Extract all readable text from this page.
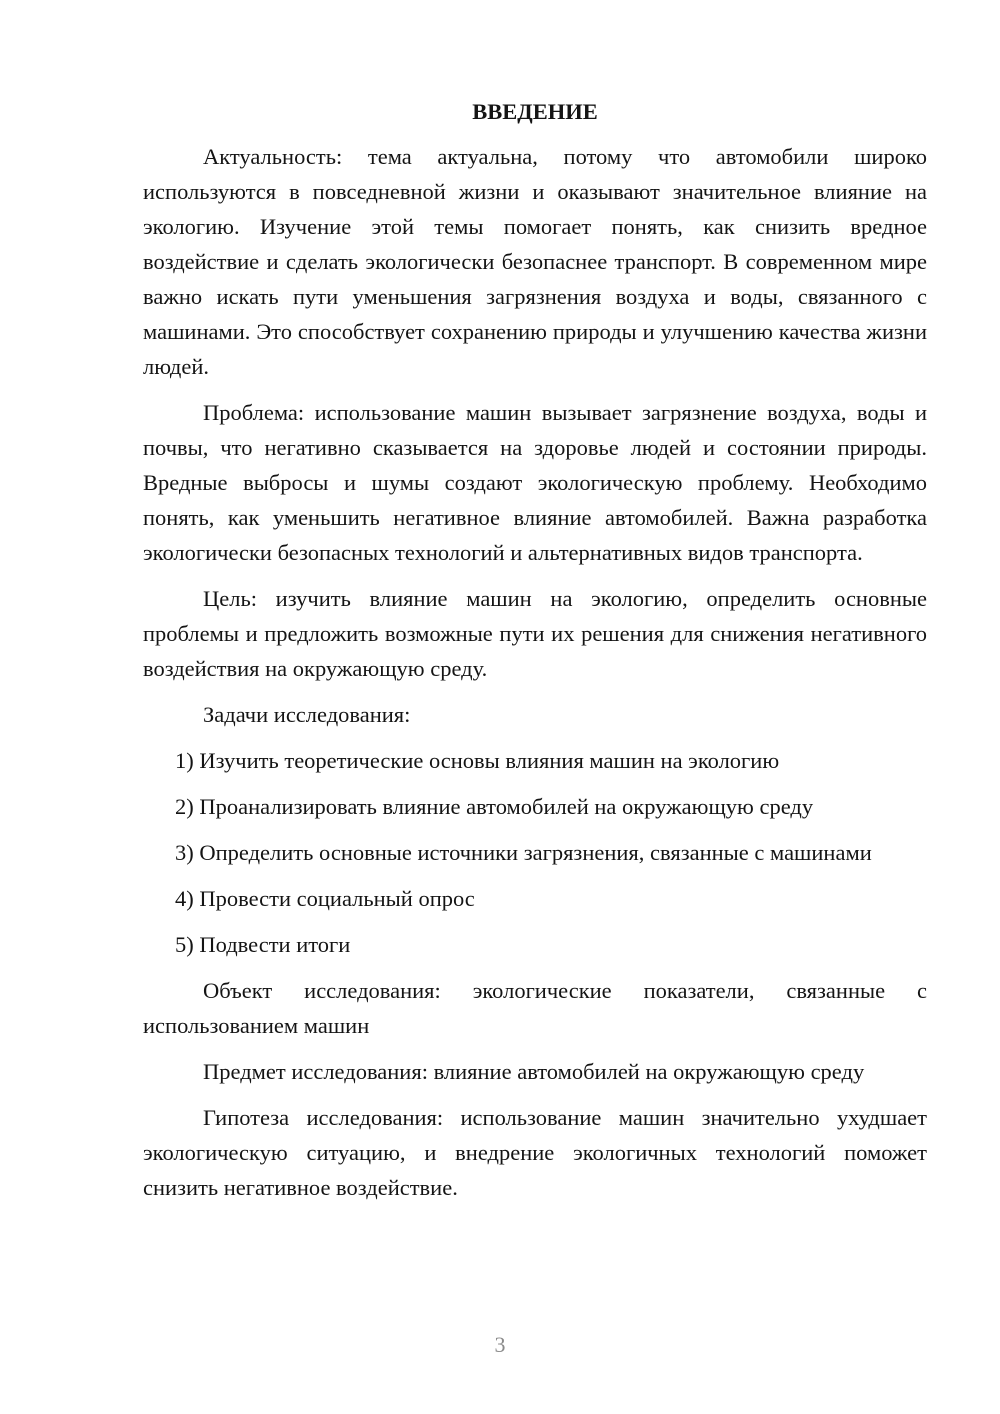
ВВЕДЕНИЕ

Актуальность: тема актуальна, потому что автомобили широко используются в повседневной жизни и оказывают значительное влияние на экологию. Изучение этой темы помогает понять, как снизить вредное воздействие и сделать экологически безопаснее транспорт. В современном мире важно искать пути уменьшения загрязнения воздуха и воды, связанного с машинами. Это способствует сохранению природы и улучшению качества жизни людей.

Проблема: использование машин вызывает загрязнение воздуха, воды и почвы, что негативно сказывается на здоровье людей и состоянии природы. Вредные выбросы и шумы создают экологическую проблему. Необходимо понять, как уменьшить негативное влияние автомобилей. Важна разработка экологически безопасных технологий и альтернативных видов транспорта.

Цель: изучить влияние машин на экологию, определить основные проблемы и предложить возможные пути их решения для снижения негативного воздействия на окружающую среду.

Задачи исследования:

1) Изучить теоретические основы влияния машин на экологию

2) Проанализировать влияние автомобилей на окружающую среду

3) Определить основные источники загрязнения, связанные с машинами

4) Провести социальный опрос

5) Подвести итоги

Объект исследования: экологические показатели, связанные с использованием машин

Предмет исследования: влияние автомобилей на окружающую среду

Гипотеза исследования: использование машин значительно ухудшает экологическую ситуацию, и внедрение экологичных технологий поможет снизить негативное воздействие.

3
